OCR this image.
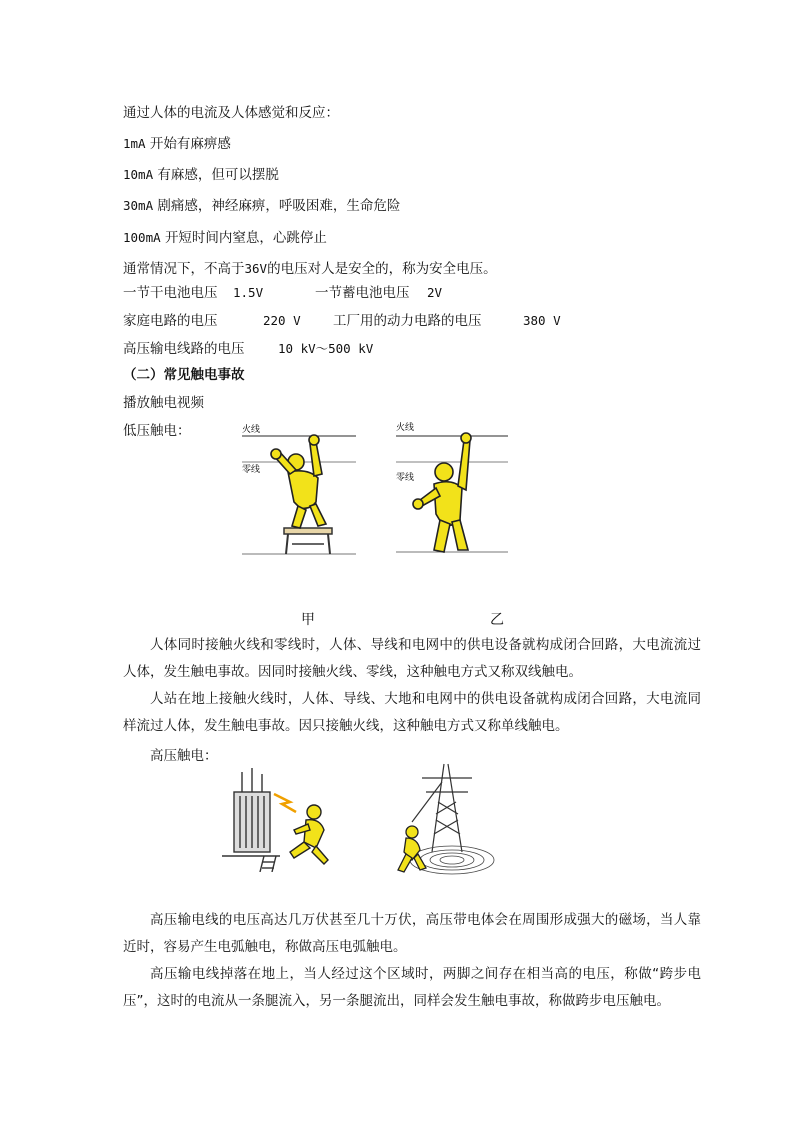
通过人体的电流及人体感觉和反应：
1mA 开始有麻痹感
10mA 有麻感，但可以摆脱
30mA 剧痛感，神经麻痹，呼吸困难，生命危险
100mA 开短时间内窒息，心跳停止
通常情况下，不高于36V的电压对人是安全的，称为安全电压。
一节干电池电压 1.5V	一节蓄电池电压 2V
家庭电路的电压	220 V 工厂用的动力电路的电压	380 V
高压输电线路的电压	10 kV～500 kV
（二）常见触电事故
播放触电视频
低压触电：	火线
零线
火线
零线
甲	乙
人体同时接触火线和零线时，人体、导线和电网中的供电设备就构成闭合回路，大电流流过人体，发生触电事故。因同时接触火线、零线，这种触电方式又称双线触电。
人站在地上接触火线时，人体、导线、大地和电网中的供电设备就构成闭合回路，大电流同样流过人体，发生触电事故。因只接触火线，这种触电方式又称单线触电。
高压触电：
高压输电线的电压高达几万伏甚至几十万伏，高压带电体会在周围形成强大的磁场，当人靠近时，容易产生电弧触电，称做高压电弧触电。
高压输电线掉落在地上，当人经过这个区域时，两脚之间存在相当高的电压，称做“跨步电压”，这时的电流从一条腿流入，另一条腿流出，同样会发生触电事故，称做跨步电压触电。
